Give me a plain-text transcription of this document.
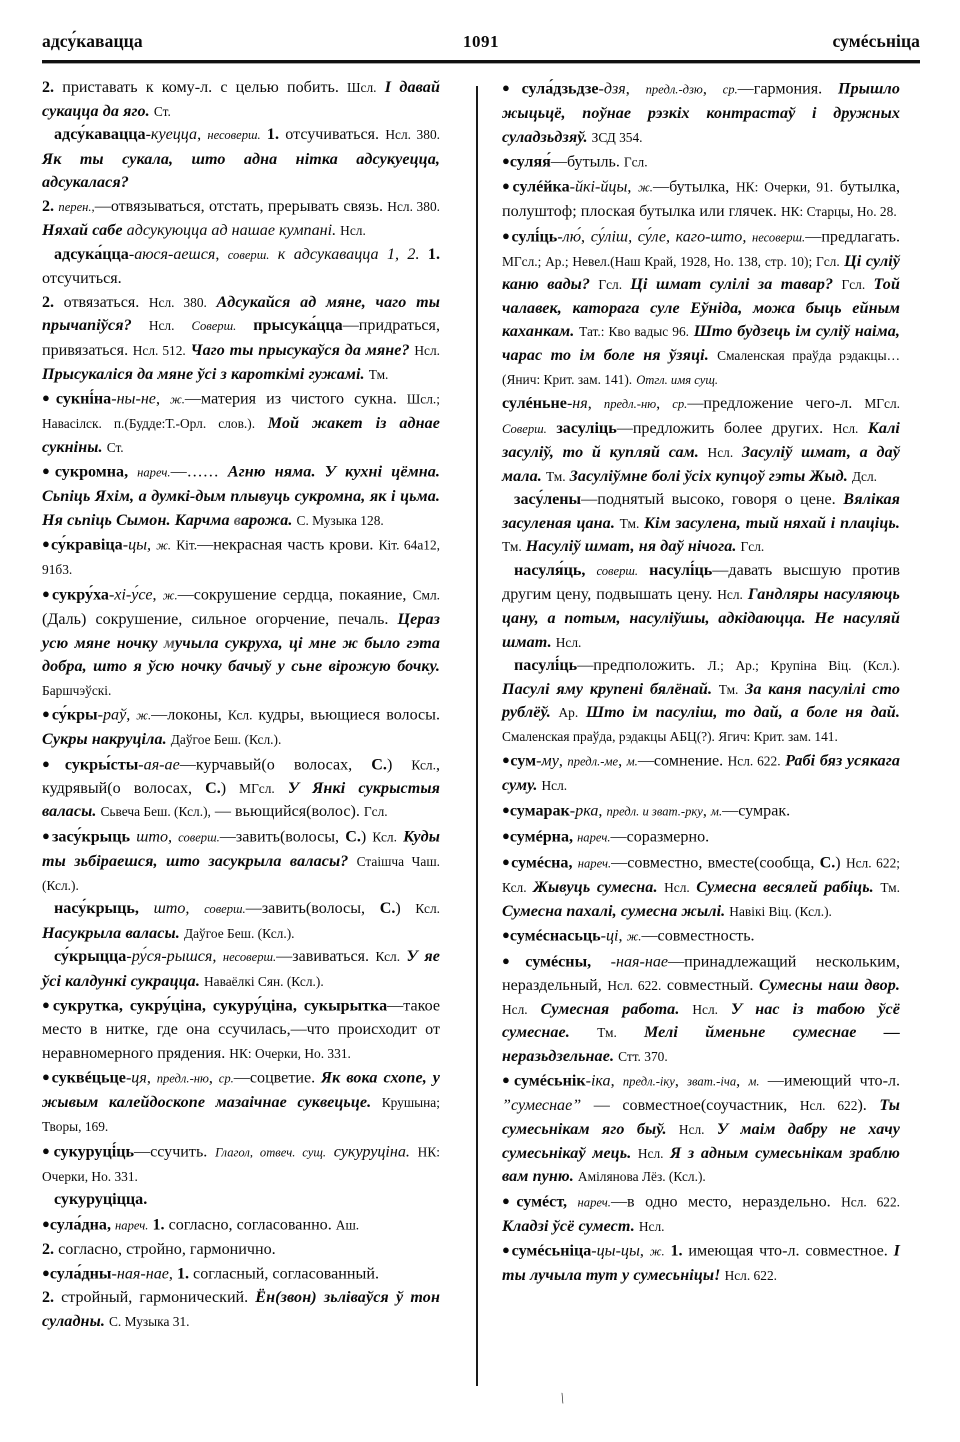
адсу́кавацца	1091	сумéсьніца
2. приставать к кому-л. с целью побить. Шсл. I давай сукацца да яго. Ст.
адсу́кавацца-куецца, несоверш. 1. отсучиваться. Нсл. 380. Як ты сукала, што адна нітка адсукуецца, адсукалася?
2. перен.,—отвязываться, отстать, прерывать связь. Нсл. 380. Няхай сабе адсукуюцца ад нашае кумпані. Нсл.
адсука́цца-аюся-аешся, соверш. к адсукавацца 1, 2. 1. отсучиться.
2. отвязаться. Нсл. 380. Адсукайся ад мяне, чаго ты прычапіўся? Нсл. Соверш. прысука́цца—придраться, привязаться. Нсл. 512. Чаго ты прысукаўся да мяне? Нсл. Прысукаліся да мяне ўсі з кароткімі гужамі. Тм.
●сукні́на-ны-не, ж.—материя из чистого сукна. Шсл.; Навасілск. п.(Будде:Т.-Орл. слов.). Мой жакет із аднае сукніны. Ст.
●сукромна, нареч.—…… Агню няма. У кухні цёмна. Сьпіць Яхім, а думкі-дым плывуць сукромна, як і цьма. Ня сьпіць Сымон. Карчма варожа. С. Музыка 128.
●су́кравіца-цы, ж. Кіт.—некрасная часть крови. Кіт. 64а12, 91б3.
●сукру́ха-хі-у́се, ж.—сокрушение сердца, покаяние, Смл. (Даль) сокрушение, сильное огорчение, печаль. Цераз усю мяне ночку мучыла сукруха, ці мне ж было гэта добра, што я ўсю ночку бачыў у сьне вірожую бочку. Баршчэўскі.
●су́кры-раў, ж.—локоны, Ксл. кудры, вьющиеся волосы. Сукры накруціла. Даўгое Беш. (Ксл.).
●сукры́сты-ая-ае—курчавый(о волосах, С.) Ксл., кудрявый(о волосах, С.) МГсл. У Янкі сукрыстыя валасы. Сьвеча Беш. (Ксл.), — вьющийся(волос). Гсл.
●засу́крыць што, соверш.—завить(волосы, С.) Ксл. Куды ты зьбіраешся, што засукрыла валасы? Стаішча Чаш. (Ксл.).
насу́крыць, што, соверш.—завить(волосы, С.) Ксл. Насукрыла валасы. Даўгое Беш. (Ксл.).
су́крыцца-ру́ся-рышся, несоверш.—завиваться. Ксл. У яе ўсі калдункі сукрацца. Наваёлкі Сян. (Ксл.).
●сукрутка, сукру́ціна, сукуру́ціна, сукырытка—такое место в нитке, где она ссучилась,—что происходит от неравномерного прядения. НК: Очерки, Но. 331.
●суквéцьце-ця, предл.-ню, ср.—соцветие. Як вока схопе, у жывым калейдоскопе мазаічнае суквецьце. Крушына; Творы, 169.
●сукуруці́ць—ссучить. Глагол, отвеч. сущ. сукуруціна. НК: Очерки, Но. 331.
сукуруціцца.
●сула́дна, нареч. 1. согласно, согласованно. Аш.
2. согласно, стройно, гармонично.
●сула́дны-ная-нае, 1. согласный, согласованный.
2. стройный, гармонический. Ён(звон) зьліваўся ў тон суладны. С. Музыка 31.
●сула́дзьдзе-дзя, предл.-дзю, ср.—гармония. Прышло жыцьцё, поўнае рэзкіх контрастаў і дружных суладзьдзяў. ЗСД 354.
●суляя́—бутыль. Гсл.
●сулéйка-йкі-йцы, ж.—бутылка, НК: Очерки, 91. бутылка, полуштоф; плоская бутылка или глячек. НК: Старцы, Но. 28.
●сулі́ць-лю́, су́ліш, су́ле, каго-што, несоверш.—предлагать. МГсл.; Ар.; Невел.(Наш Край, 1928, Но. 138, стр. 10); Гсл. Ці суліў каню вады? Гсл. Ці шмат сулілі за тавар? Гсл. Той чалавек, каторага суле Еўніда, можа быць ейным каханкам. Тат.: Кво вадыс 96. Што будзець ім суліў наіма, чарас то ім боле ня ўзяці. Смаленская праўда рэдакцы…(Янич: Крит. зам. 141). Отгл. имя сущ.
сулéньне-ня, предл.-ню, ср.—предложение чего-л. МГсл. Соверш. засуліць—предложить более других. Нсл. Калі засуліў, то й купляй сам. Нсл. Засуліў шмат, а даў мала. Тм. Засуліўмне болі ўсіх купцоў гэты Жыд. Дсл.
засу́лены—поднятый высоко, говоря о цене. Вялікая засуленая цана. Тм. Кім засулена, тый няхай і плаціць. Тм. Насуліў шмат, ня даў нічога. Гсл.
насуля́ць, соверш. насулі́ць—давать высшую против другим цену, подвышать цену. Нсл. Гандляры насуляюць цану, а потым, насуліўшы, адкідаюцца. Не насуляй шмат. Нсл.
пасулі́ць—предположить. Л.; Ар.; Крупіна Віц. (Ксл.). Пасулі яму крупені бялёнай. Тм. За каня пасулілі сто рублёў. Ар. Што ім пасуліш, то дай, а боле ня дай. Смаленская праўда, рэдакцы АБЦ(?). Ягич: Крит. зам. 141.
●сум-му, предл.-ме, м.—сомнение. Нсл. 622. Рабі бяз усякага суму. Нсл.
●сумарак-рка, предл. и зват.-рку, м.—сумрак.
●сумéрна, нареч.—соразмерно.
●сумéсна, нареч.—совместно, вместе(сообща, С.) Нсл. 622; Ксл. Жывуць сумесна. Нсл. Сумесна весялей рабіць. Тм. Сумесна пахалі, сумесна жылі. Навікі Віц. (Ксл.).
●сумéснасьць-ці, ж.—совместность.
●сумéсны, -ная-нае—принадлежащий нескольким, нераздельный, Нсл. 622. совместный. Сумесны наш двор. Нсл. Сумесная работа. Нсл. У нас із табою ўсё сумеснае. Тм. Мелі йменьне сумеснае — неразьдзельнае. Стт. 370.
●сумéсьнік-іка, предл.-іку, зват.-іча, м. —имеющий что-л. ”сумеснае” — совместное(соучастник, Нсл. 622). Ты сумесьнікам яго быў. Нсл. У маім дабру не хачу сумесьнікаў мець. Нсл. Я з адным сумесьнікам зраблю вам пуню. Амілянова Лёз. (Ксл.).
●сумéст, нареч.—в одно место, нераздельно. Нсл. 622. Кладзі ўсё сумест. Нсл.
●сумéсьніца-цы-цы, ж. 1. имеющая что-л. совместное. I ты лучыла тут у сумесьніцы! Нсл. 622.
\
